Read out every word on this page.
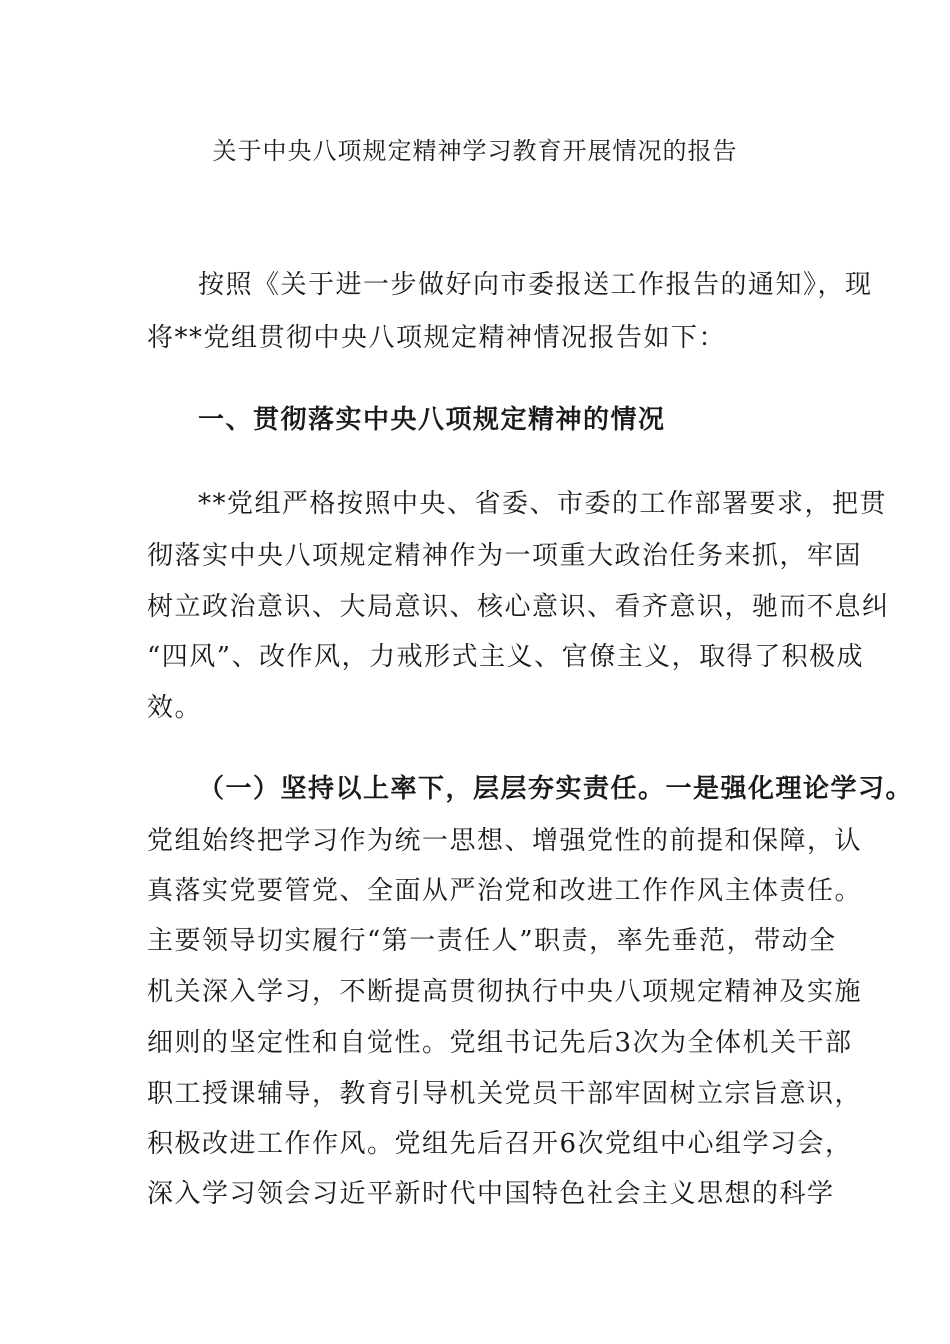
关于中央八项规定精神学习教育开展情况的报告
按照《关于进一步做好向市委报送工作报告的通知》，现
将**党组贯彻中央八项规定精神情况报告如下：
一、贯彻落实中央八项规定精神的情况
**党组严格按照中央、省委、市委的工作部署要求，把贯
彻落实中央八项规定精神作为一项重大政治任务来抓，牢固
树立政治意识、大局意识、核心意识、看齐意识，驰而不息纠
“四风”、改作风，力戒形式主义、官僚主义，取得了积极成
效。
（一）坚持以上率下，层层夯实责任。一是强化理论学习。
党组始终把学习作为统一思想、增强党性的前提和保障，认
真落实党要管党、全面从严治党和改进工作作风主体责任。
主要领导切实履行“第一责任人”职责，率先垂范，带动全
机关深入学习，不断提高贯彻执行中央八项规定精神及实施
细则的坚定性和自觉性。党组书记先后3次为全体机关干部
职工授课辅导，教育引导机关党员干部牢固树立宗旨意识，
积极改进工作作风。党组先后召开6次党组中心组学习会，
深入学习领会习近平新时代中国特色社会主义思想的科学
